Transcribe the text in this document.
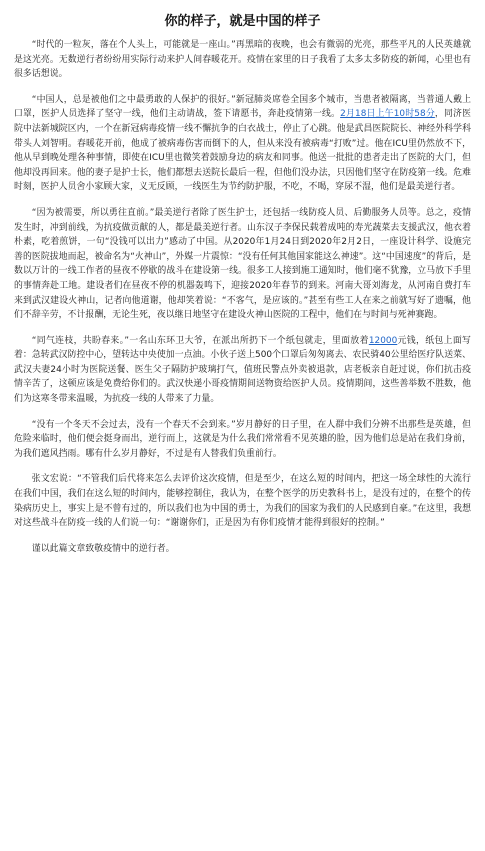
你的样子，就是中国的样子

“时代的一粒灰，落在个人头上，可能就是一座山。”再黑暗的夜晚，也会有微弱的光亮，那些平凡的人民英雄就是这光亮。无数逆行者纷纷用实际行动来护人间春暖花开。疫情在家里的日子我看了太多太多防疫的新闻，心里也有很多话想说。

“中国人，总是被他们之中最勇敢的人保护的很好。”新冠肺炎席卷全国多个城市，当患者被隔离，当普通人戴上口罩，医护人员选择了坚守一线，他们主动请战，签下请愿书，奔赴疫情第一线。2月18日上午10时58分，同济医院中法新城院区内，一个在新冠病毒疫情一线不懈抗争的白衣战士，停止了心跳。他是武昌医院院长、神经外科学科带头人刘智明。春暖花开前，他成了被病毒伤害而倒下的人，但从来没有被病毒“打败”过。他在ICU里仍然放不下，他从早到晚处理各种事情，即使在ICU里也微笑着鼓励身边的病友和同事。他送一批批的患者走出了医院的大门，但他却没再回来。他的妻子是护士长，他们都想去送院长最后一程，但他们没办法，只因他们坚守在防疫第一线。危难时刻，医护人员舍小家顾大家，义无反顾，一线医生为节约防护服，不吃，不喝，穿尿不湿，他们是最美逆行者。

“因为被需要，所以勇往直前。”最美逆行者除了医生护士，还包括一线防疫人员、后勤服务人员等。总之，疫情发生时，冲到前线，为抗疫做贡献的人，都是最美逆行者。山东汉子李保民载着成吨的寿光蔬菜去支援武汉，他衣着朴素，吃着煎饼，一句“没钱可以出力”感动了中国。从2020年1月24日到2020年2月2日，一座设计科学、设施完善的医院拔地而起，被命名为“火神山”，外媒一片震惊：“没有任何其他国家能这么神速”。这“中国速度”的背后，是数以万计的一线工作者的昼夜不停歇的战斗在建设第一线。很多工人接到施工通知时，他们毫不犹豫，立马放下手里的事情奔赴工地。建设者们在昼夜不停的机器轰鸣下，迎接2020年春节的到来。河南大哥刘海龙，从河南自费打车来到武汉建设火神山，记者向他道谢，他却笑着说：“不客气，是应该的。”甚至有些工人在来之前就写好了遗嘱，他们不辞辛劳，不计报酬，无论生死，夜以继日地坚守在建设火神山医院的工程中，他们在与时间与死神赛跑。

“同气连枝，共盼春来。”一名山东环卫大爷，在派出所扔下一个纸包就走，里面放着12000元钱，纸包上面写着：急转武汉防控中心，望转达中央使加一点油。小伙子送上500个口罩后匆匆离去、农民骑40公里给医疗队送菜、武汉夫妻24小时为医院送餐、医生父子隔防护玻璃打气，值班民警点外卖被退款，店老板亲自赶过说，你们抗击疫情辛苦了，这顿应该是免费给你们的。武汉快递小哥疫情期间送物资给医护人员。疫情期间，这些善举数不胜数，他们为这寒冬带来温暖，为抗疫一线的人带来了力量。

“没有一个冬天不会过去，没有一个春天不会到来。”岁月静好的日子里，在人群中我们分辨不出那些是英雄，但危险来临时，他们便会挺身而出，逆行而上，这就是为什么我们常常看不见英雄的脸，因为他们总是站在我们身前，为我们遮风挡雨。哪有什么岁月静好，不过是有人替我们负重前行。

张文宏说：“不管我们后代将来怎么去评价这次疫情，但是至少，在这么短的时间内，把这一场全球性的大流行在我们中国，我们在这么短的时间内，能够控制住，我认为，在整个医学的历史教科书上，是没有过的，在整个的传染病历史上，事实上是不曾有过的，所以我们也为中国的勇士，为我们的国家为我们的人民感到自豪。”在这里，我想对这些战斗在防疫一线的人们说一句：“谢谢你们，正是因为有你们疫情才能得到很好的控制。”

谨以此篇文章致敬疫情中的逆行者。
